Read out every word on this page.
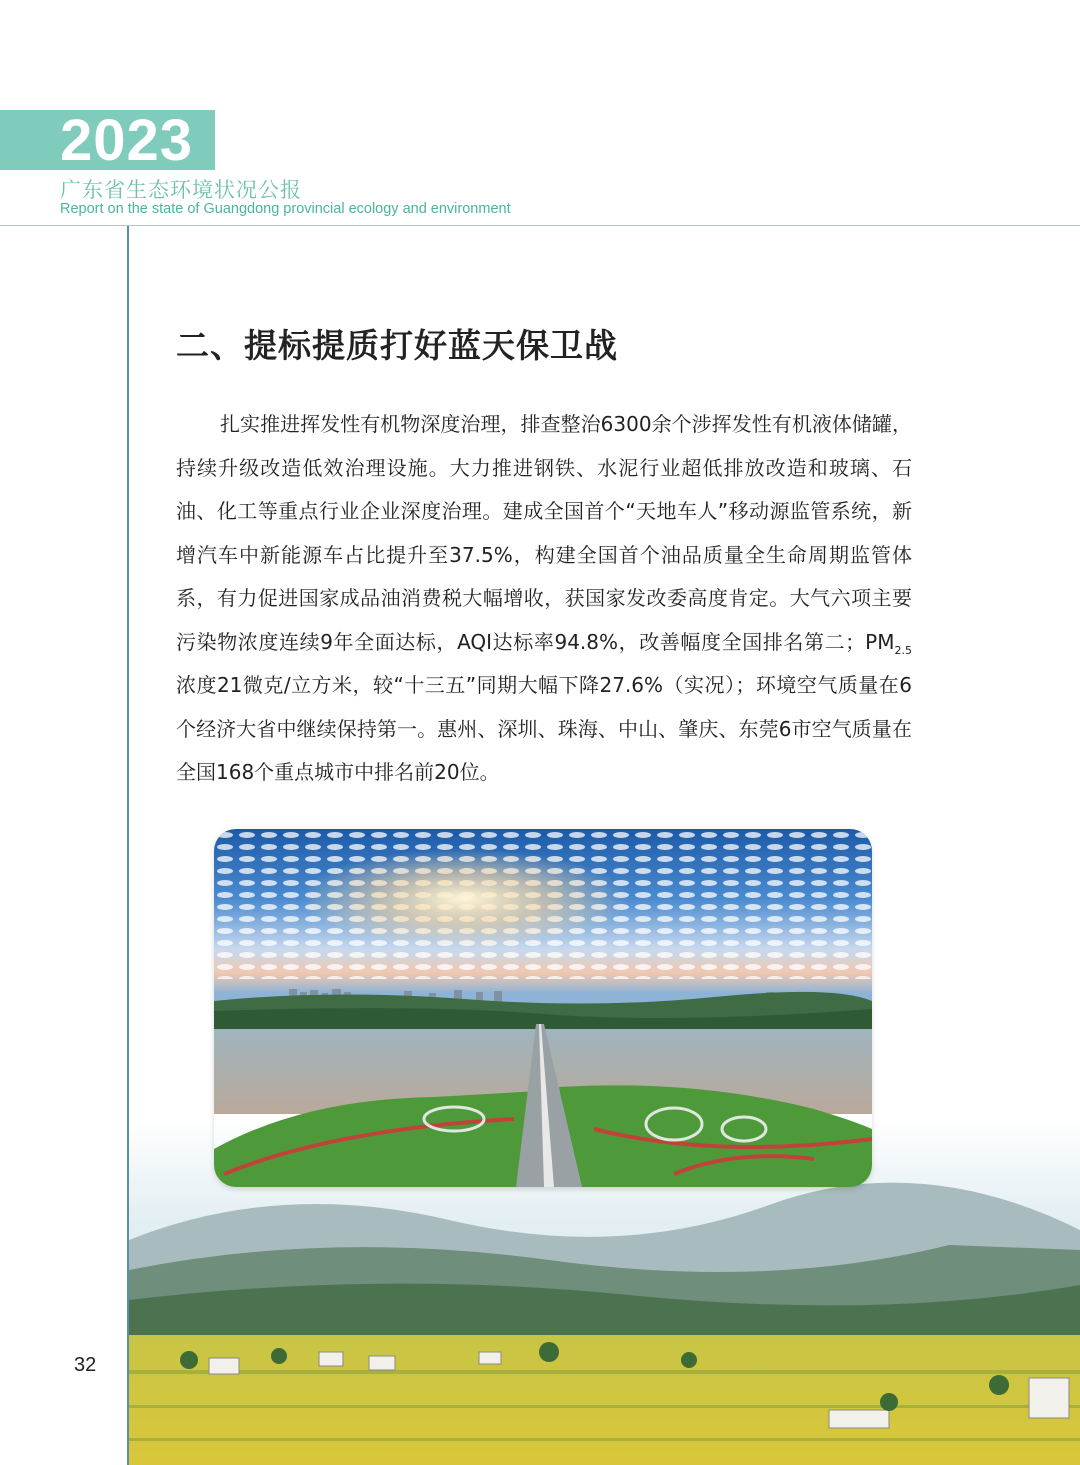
2023
广东省生态环境状况公报
Report on the state of Guangdong provincial ecology and environment
二、提标提质打好蓝天保卫战

扎实推进挥发性有机物深度治理，排查整治6300余个涉挥发性有机液体储罐，持续升级改造低效治理设施。大力推进钢铁、水泥行业超低排放改造和玻璃、石油、化工等重点行业企业深度治理。建成全国首个“天地车人”移动源监管系统，新增汽车中新能源车占比提升至37.5%，构建全国首个油品质量全生命周期监管体系，有力促进国家成品油消费税大幅增收，获国家发改委高度肯定。大气六项主要污染物浓度连续9年全面达标，AQI达标率94.8%，改善幅度全国排名第二；$PM_{2.5}$浓度21微克/立方米，较“十三五”同期大幅下降27.6%（实况）；环境空气质量在6个经济大省中继续保持第一。惠州、深圳、珠海、中山、肇庆、东莞6市空气质量在全国168个重点城市中排名前20位。

32
